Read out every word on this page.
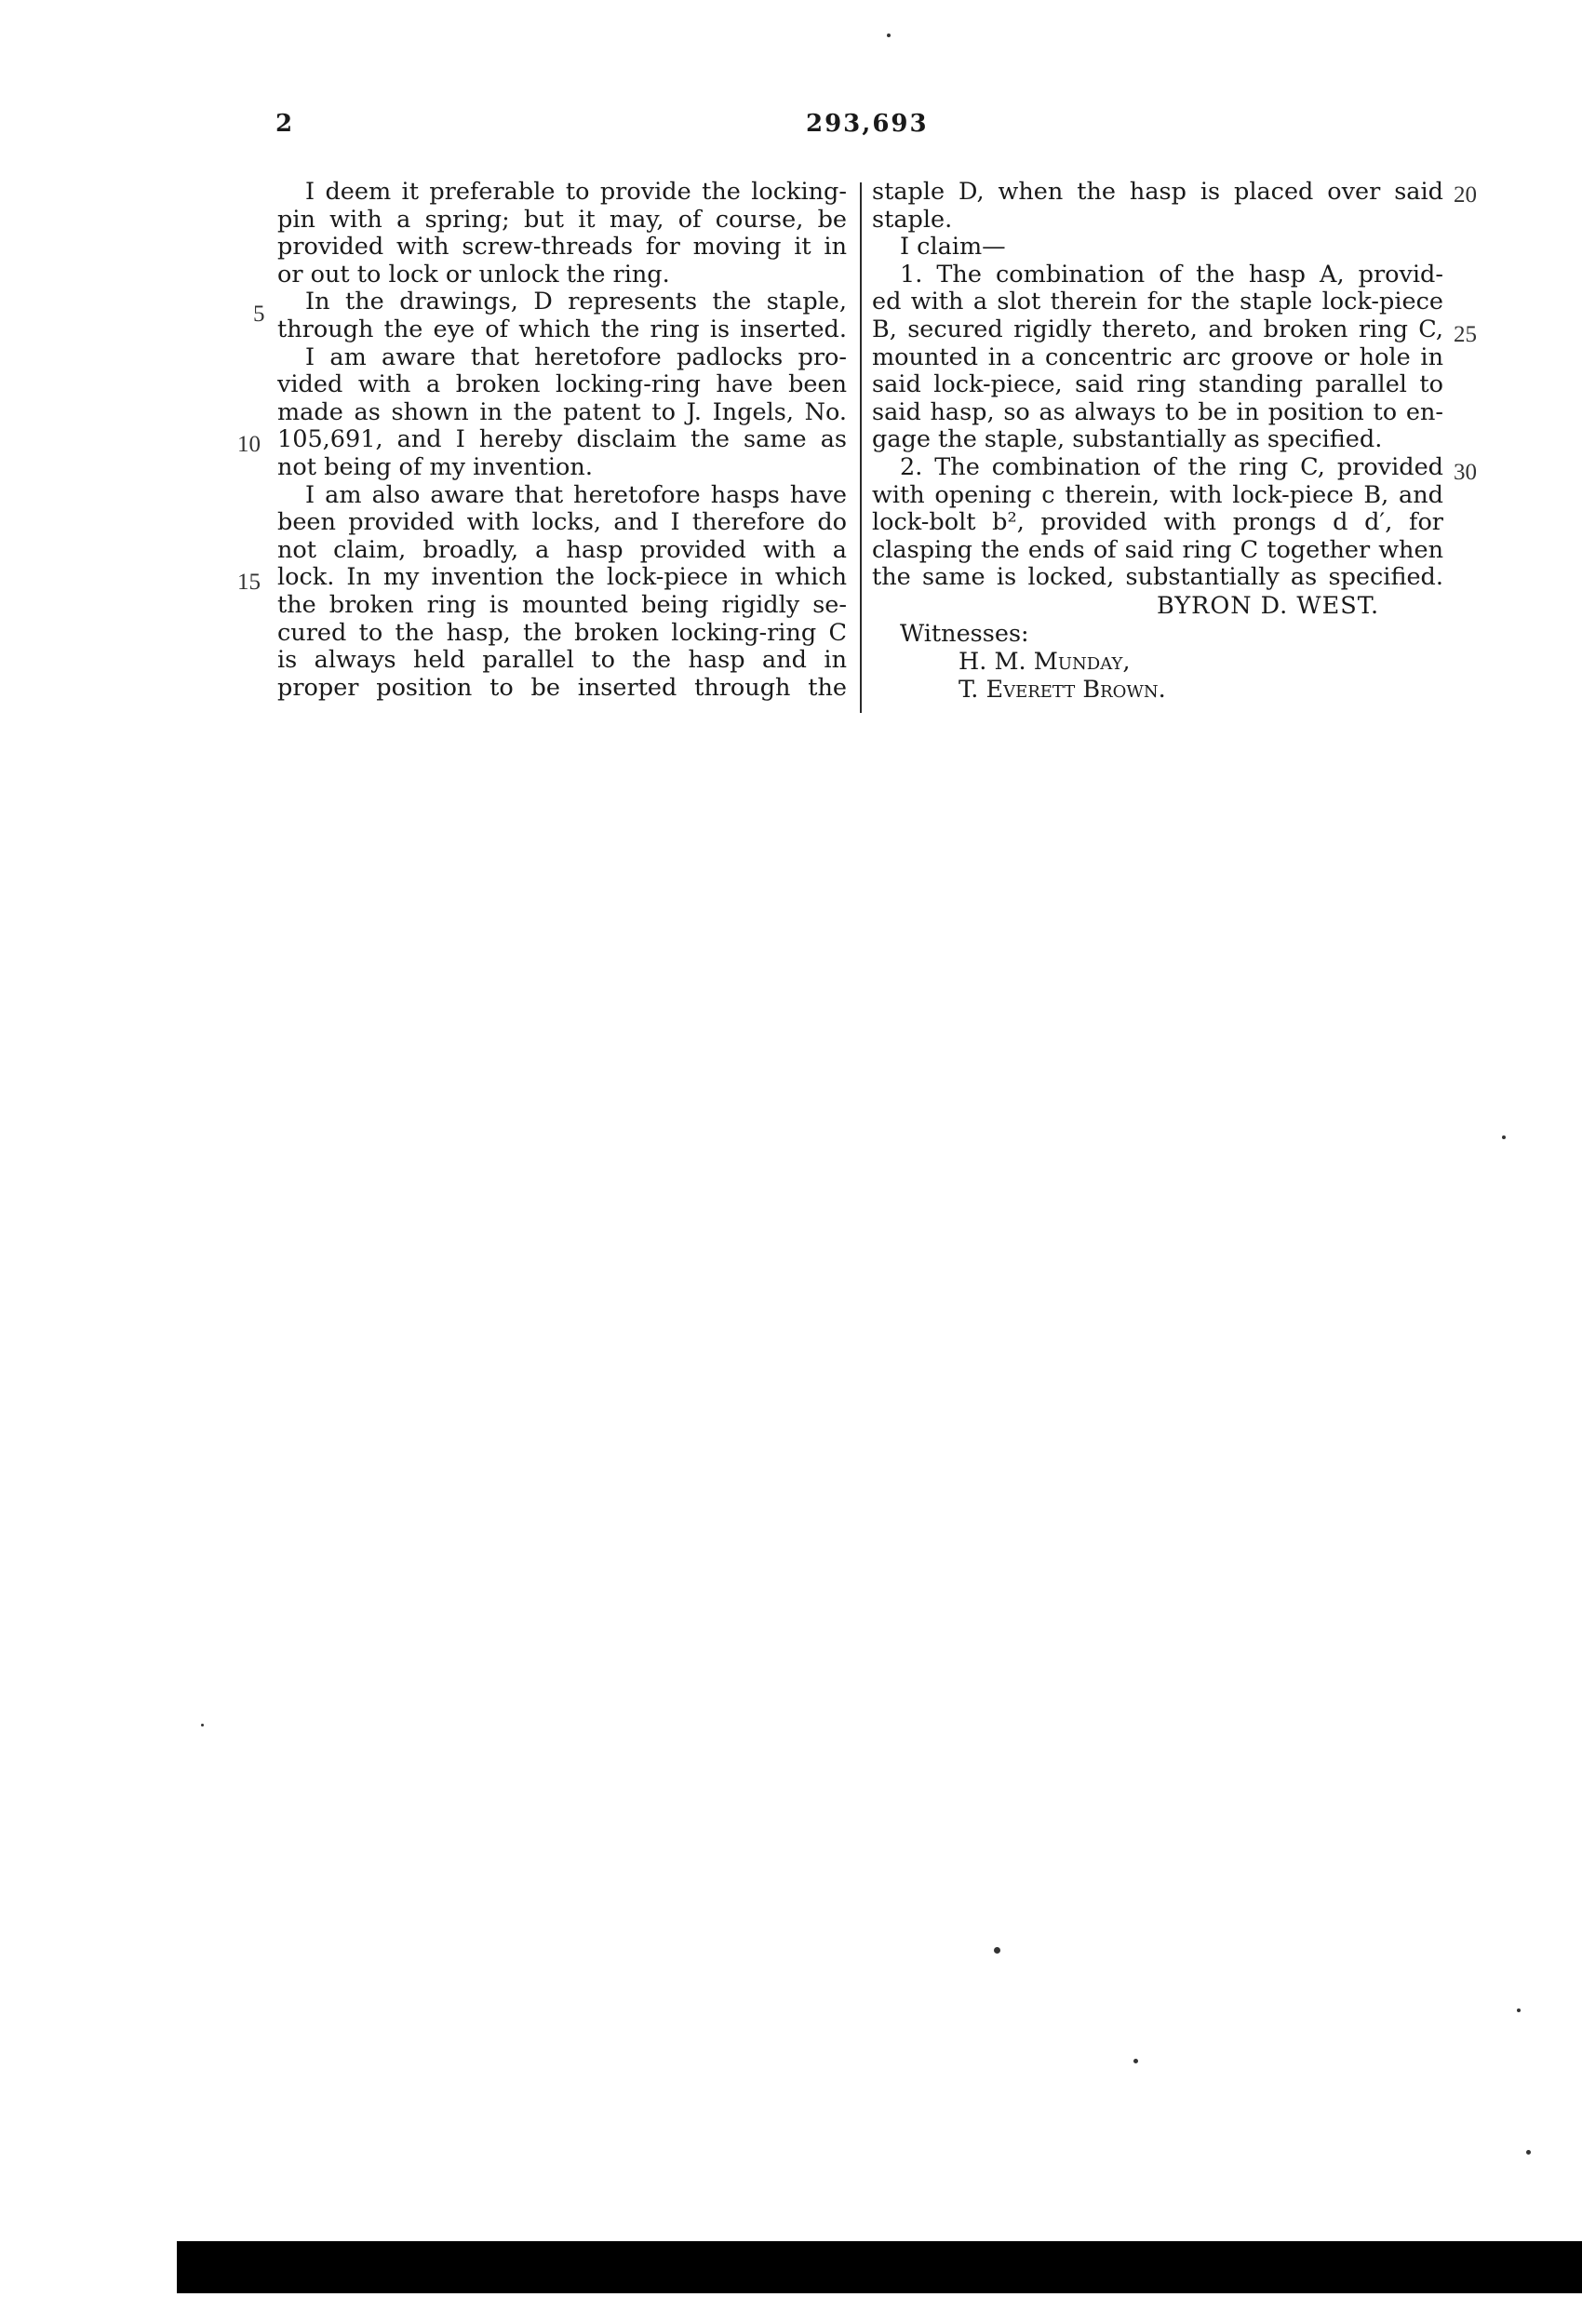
2	293,693
5
10
15
20
25
30
I deem it preferable to provide the locking-
pin with a spring; but it may, of course, be
provided with screw-threads for moving it in
or out to lock or unlock the ring.
In the drawings, D represents the staple,
through the eye of which the ring is inserted.
I am aware that heretofore padlocks pro-
vided with a broken locking-ring have been
made as shown in the patent to J. Ingels, No.
105,691, and I hereby disclaim the same as
not being of my invention.
I am also aware that heretofore hasps have
been provided with locks, and I therefore do
not claim, broadly, a hasp provided with a
lock. In my invention the lock-piece in which
the broken ring is mounted being rigidly se-
cured to the hasp, the broken locking-ring C
is always held parallel to the hasp and in
proper position to be inserted through the
staple D, when the hasp is placed over said
staple.
I claim—
1. The combination of the hasp A, provid-
ed with a slot therein for the staple lock-piece
B, secured rigidly thereto, and broken ring C,
mounted in a concentric arc groove or hole in
said lock-piece, said ring standing parallel to
said hasp, so as always to be in position to en-
gage the staple, substantially as specified.
2. The combination of the ring C, provided
with opening c therein, with lock-piece B, and
lock-bolt b², provided with prongs d d′, for
clasping the ends of said ring C together when
the same is locked, substantially as specified.
BYRON D. WEST.
Witnesses:
H. M. Munday,
T. Everett Brown.
